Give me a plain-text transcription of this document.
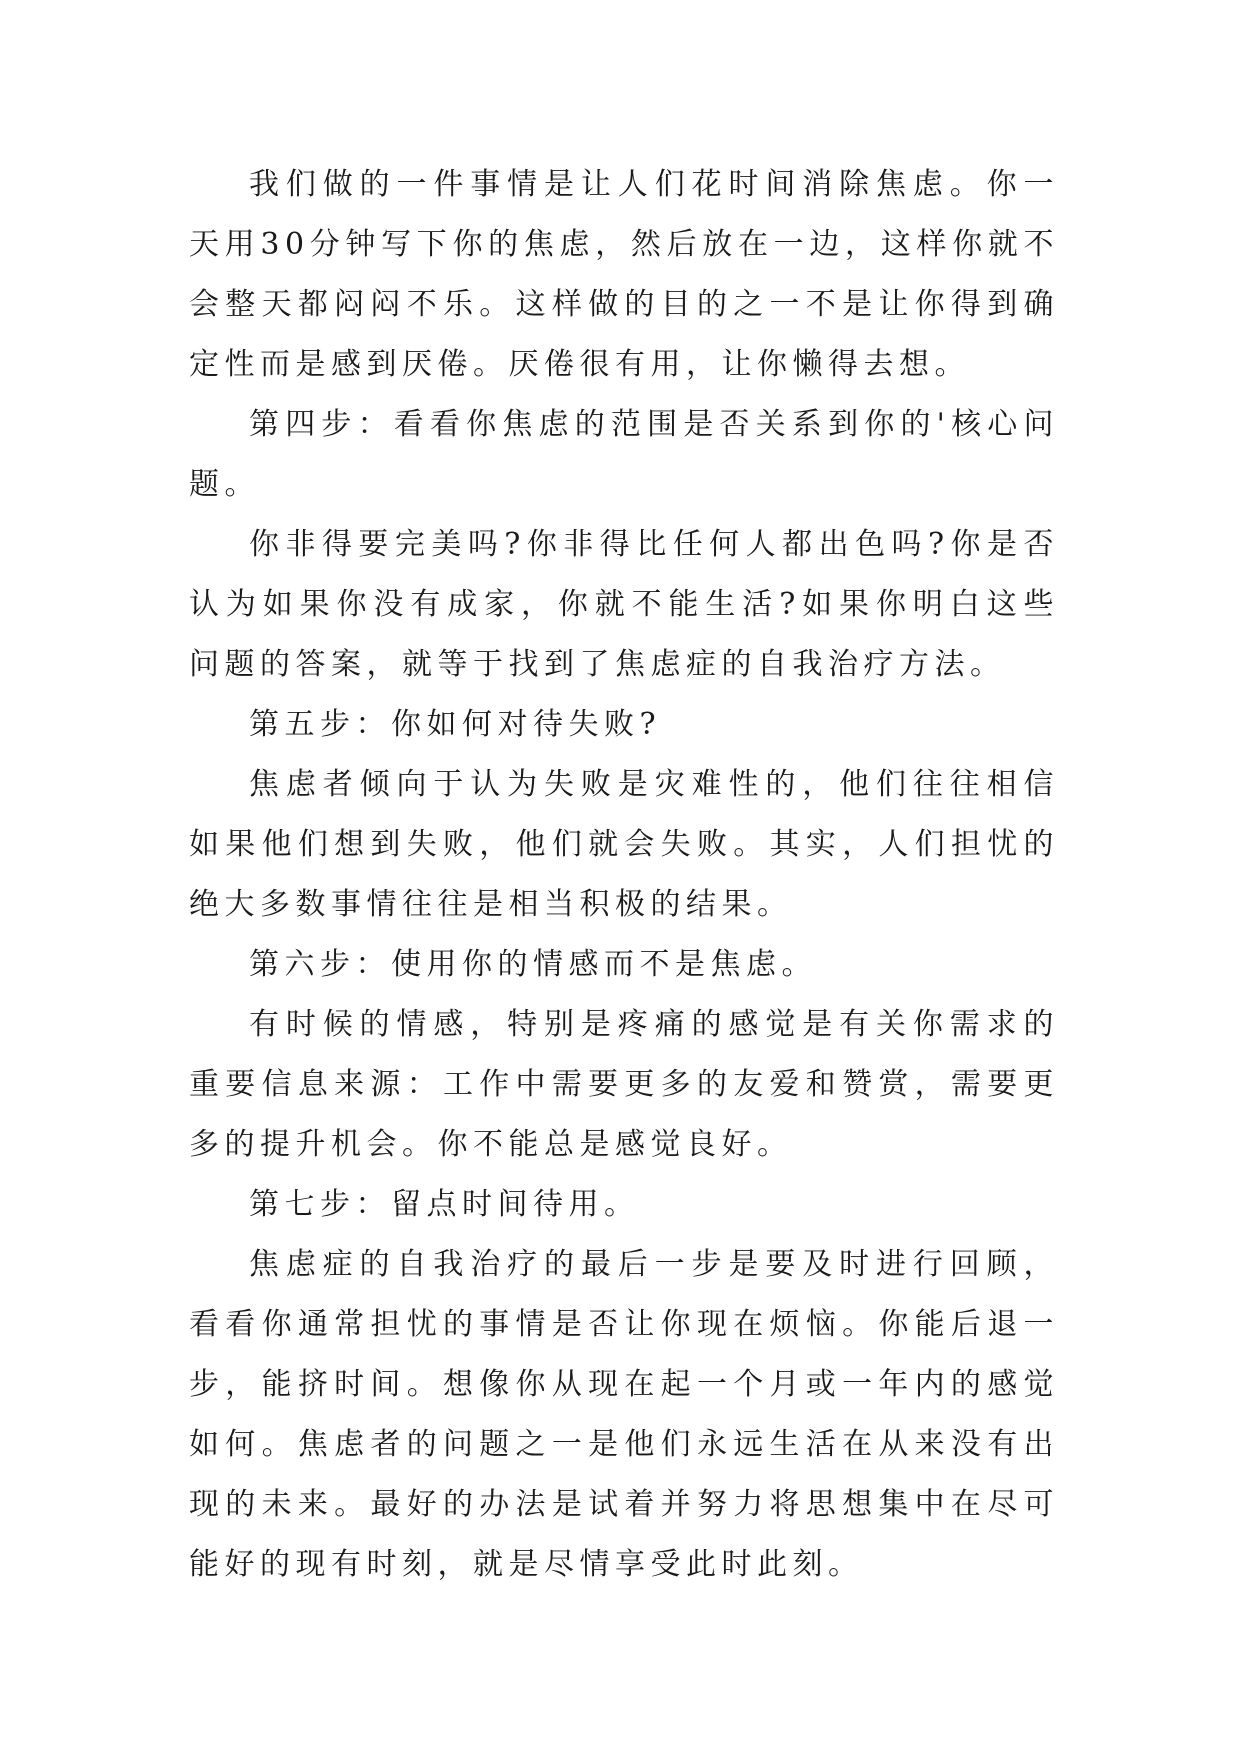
我们做的一件事情是让人们花时间消除焦虑。你一天用30分钟写下你的焦虑，然后放在一边，这样你就不会整天都闷闷不乐。这样做的目的之一不是让你得到确定性而是感到厌倦。厌倦很有用，让你懒得去想。

第四步：看看你焦虑的范围是否关系到你的'核心问题。

你非得要完美吗?你非得比任何人都出色吗?你是否认为如果你没有成家，你就不能生活?如果你明白这些问题的答案，就等于找到了焦虑症的自我治疗方法。

第五步：你如何对待失败?

焦虑者倾向于认为失败是灾难性的，他们往往相信如果他们想到失败，他们就会失败。其实，人们担忧的绝大多数事情往往是相当积极的结果。

第六步：使用你的情感而不是焦虑。

有时候的情感，特别是疼痛的感觉是有关你需求的重要信息来源：工作中需要更多的友爱和赞赏，需要更多的提升机会。你不能总是感觉良好。

第七步：留点时间待用。

焦虑症的自我治疗的最后一步是要及时进行回顾，看看你通常担忧的事情是否让你现在烦恼。你能后退一步，能挤时间。想像你从现在起一个月或一年内的感觉如何。焦虑者的问题之一是他们永远生活在从来没有出现的未来。最好的办法是试着并努力将思想集中在尽可能好的现有时刻，就是尽情享受此时此刻。
